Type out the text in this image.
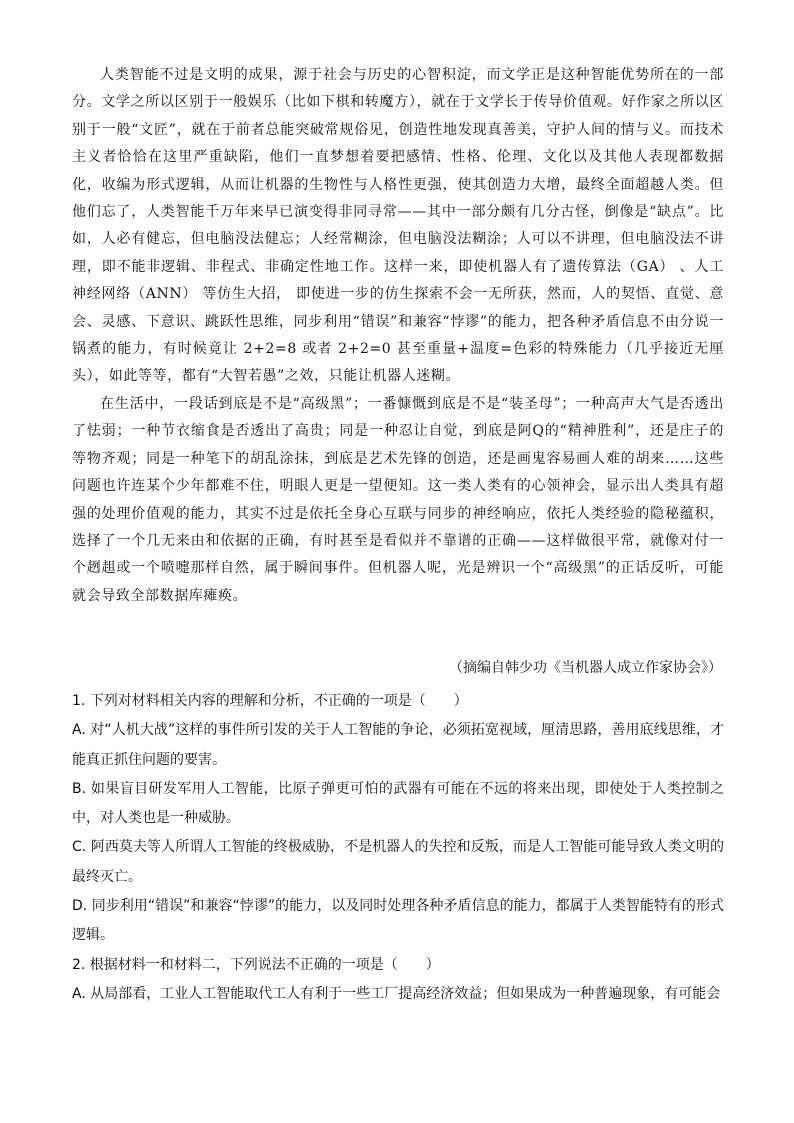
人类智能不过是文明的成果，源于社会与历史的心智积淀，而文学正是这种智能优势所在的一部分。文学之所以区别于一般娱乐（比如下棋和转魔方），就在于文学长于传导价值观。好作家之所以区别于一般“文匠”，就在于前者总能突破常规俗见，创造性地发现真善美，守护人间的情与义。而技术主义者恰恰在这里严重缺陷，他们一直梦想着要把感情、性格、伦理、文化以及其他人表现都数据化，收编为形式逻辑，从而让机器的生物性与人格性更强，使其创造力大增，最终全面超越人类。但他们忘了，人类智能千万年来早已演变得非同寻常——其中一部分颇有几分古怪，倒像是“缺点”。比如，人必有健忘，但电脑没法健忘；人经常糊涂，但电脑没法糊涂；人可以不讲理，但电脑没法不讲理，即不能非逻辑、非程式、非确定性地工作。这样一来，即使机器人有了遗传算法（GA） 、人工神经网络（ANN） 等仿生大招， 即使进一步的仿生探索不会一无所获，然而，人的契悟、直觉、意会、灵感、下意识、跳跃性思维，同步利用“错误”和兼容“悖谬”的能力，把各种矛盾信息不由分说一锅煮的能力，有时候竟让 2+2=8 或者 2+2=0 甚至重量+温度=色彩的特殊能力（几乎接近无厘头），如此等等，都有“大智若愚”之效，只能让机器人迷糊。

在生活中，一段话到底是不是“高级黑”；一番慷慨到底是不是“装圣母”；一种高声大气是否透出了怯弱；一种节衣缩食是否透出了高贵；同是一种忍让自觉，到底是阿Q的“精神胜利”，还是庄子的等物齐观；同是一种笔下的胡乱涂抹，到底是艺术先锋的创造，还是画鬼容易画人难的胡来……这些问题也许连某个少年都难不住，明眼人更是一望便知。这一类人类有的心领神会，显示出人类具有超强的处理价值观的能力，其实不过是依托全身心互联与同步的神经响应，依托人类经验的隐秘蕴积，选择了一个几无来由和依据的正确，有时甚至是看似并不靠谱的正确——这样做很平常，就像对付一个趔趄或一个喷嚏那样自然，属于瞬间事件。但机器人呢，光是辨识一个“高级黑”的正话反听，可能就会导致全部数据库瘫痪。

（摘编自韩少功《当机器人成立作家协会》）

1. 下列对材料相关内容的理解和分析，不正确的一项是（　　）

A. 对“人机大战”这样的事件所引发的关于人工智能的争论，必须拓宽视域，厘清思路，善用底线思维，才能真正抓住问题的要害。

B. 如果盲目研发军用人工智能，比原子弹更可怕的武器有可能在不远的将来出现，即使处于人类控制之中，对人类也是一种威胁。

C. 阿西莫夫等人所谓人工智能的终极威胁，不是机器人的失控和反叛，而是人工智能可能导致人类文明的最终灭亡。

D. 同步利用“错误”和兼容“悖谬”的能力，以及同时处理各种矛盾信息的能力，都属于人类智能特有的形式逻辑。

2. 根据材料一和材料二，下列说法不正确的一项是（　　）

A. 从局部看，工业人工智能取代工人有利于一些工厂提高经济效益；但如果成为一种普遍现象，有可能会
